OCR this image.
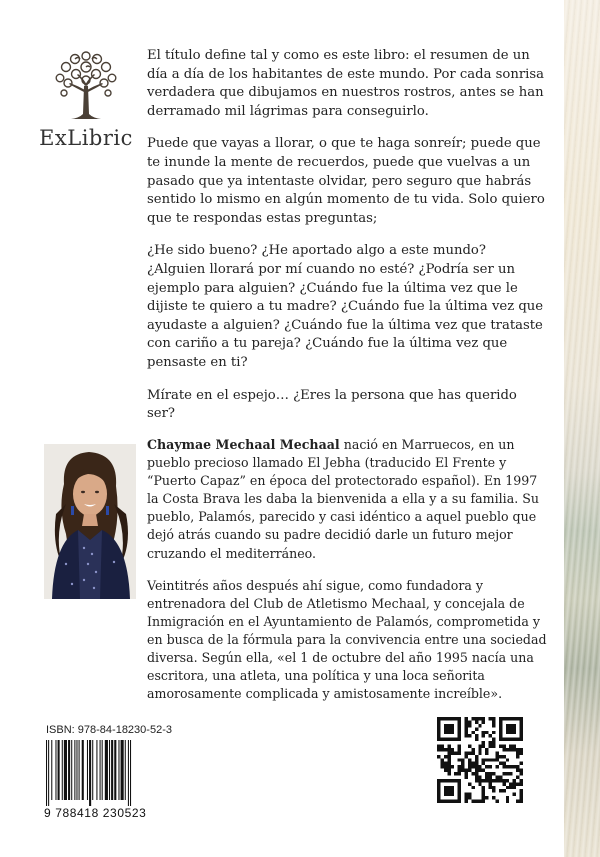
ExLibric

El título define tal y como es este libro: el resumen de un día a día de los habitantes de este mundo. Por cada sonrisa verdadera que dibujamos en nuestros rostros, antes se han derramado mil lágrimas para conseguirlo.

Puede que vayas a llorar, o que te haga sonreír; puede que te inunde la mente de recuerdos, puede que vuelvas a un pasado que ya intentaste olvidar, pero seguro que habrás sentido lo mismo en algún momento de tu vida. Solo quiero que te respondas estas preguntas;

¿He sido bueno? ¿He aportado algo a este mundo? ¿Alguien llorará por mí cuando no esté? ¿Podría ser un ejemplo para alguien? ¿Cuándo fue la última vez que le dijiste te quiero a tu madre? ¿Cuándo fue la última vez que ayudaste a alguien? ¿Cuándo fue la última vez que trataste con cariño a tu pareja? ¿Cuándo fue la última vez que pensaste en ti?

Mírate en el espejo… ¿Eres la persona que has querido ser?

Chaymae Mechaal Mechaal nació en Marruecos, en un pueblo precioso llamado El Jebha (traducido El Frente y “Puerto Capaz” en época del protectorado español). En 1997 la Costa Brava les daba la bienvenida a ella y a su familia. Su pueblo, Palamós, parecido y casi idéntico a aquel pueblo que dejó atrás cuando su padre decidió darle un futuro mejor cruzando el mediterráneo.

Veintitrés años después ahí sigue, como fundadora y entrenadora del Club de Atletismo Mechaal, y concejala de Inmigración en el Ayuntamiento de Palamós, comprometida y en busca de la fórmula para la convivencia entre una sociedad diversa. Según ella, «el 1 de octubre del año 1995 nacía una escritora, una atleta, una política y una loca señorita amorosamente complicada y amistosamente increíble».

ISBN: 978-84-18230-52-3
9 788418 230523
